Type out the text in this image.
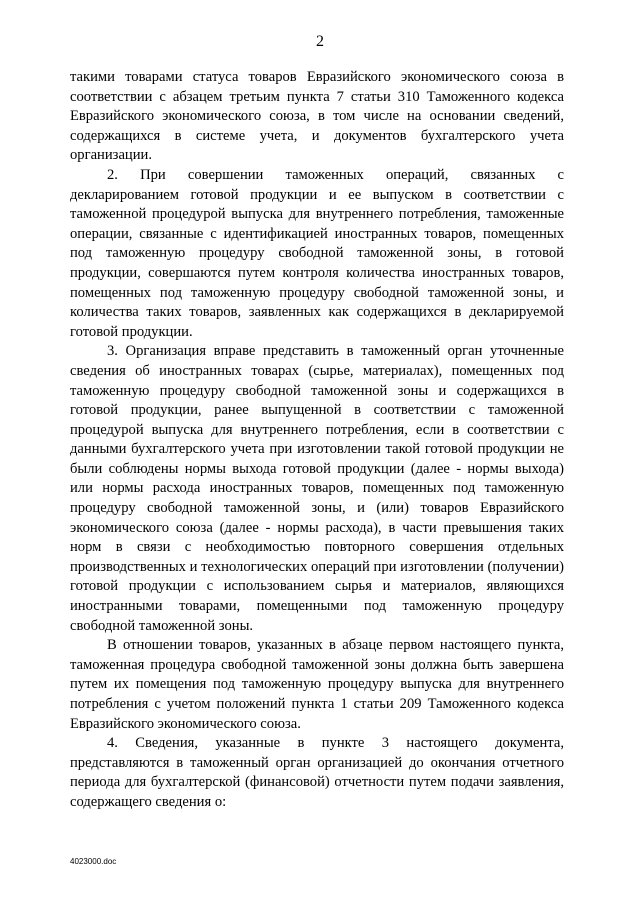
2

такими товарами статуса товаров Евразийского экономического союза в соответствии с абзацем третьим пункта 7 статьи 310 Таможенного кодекса Евразийского экономического союза, в том числе на основании сведений, содержащихся в системе учета, и документов бухгалтерского учета организации.

2. При совершении таможенных операций, связанных с декларированием готовой продукции и ее выпуском в соответствии с таможенной процедурой выпуска для внутреннего потребления, таможенные операции, связанные с идентификацией иностранных товаров, помещенных под таможенную процедуру свободной таможенной зоны, в готовой продукции, совершаются путем контроля количества иностранных товаров, помещенных под таможенную процедуру свободной таможенной зоны, и количества таких товаров, заявленных как содержащихся в декларируемой готовой продукции.

3. Организация вправе представить в таможенный орган уточненные сведения об иностранных товарах (сырье, материалах), помещенных под таможенную процедуру свободной таможенной зоны и содержащихся в готовой продукции, ранее выпущенной в соответствии с таможенной процедурой выпуска для внутреннего потребления, если в соответствии с данными бухгалтерского учета при изготовлении такой готовой продукции не были соблюдены нормы выхода готовой продукции (далее - нормы выхода) или нормы расхода иностранных товаров, помещенных под таможенную процедуру свободной таможенной зоны, и (или) товаров Евразийского экономического союза (далее - нормы расхода), в части превышения таких норм в связи с необходимостью повторного совершения отдельных производственных и технологических операций при изготовлении (получении) готовой продукции с использованием сырья и материалов, являющихся иностранными товарами, помещенными под таможенную процедуру свободной таможенной зоны.

В отношении товаров, указанных в абзаце первом настоящего пункта, таможенная процедура свободной таможенной зоны должна быть завершена путем их помещения под таможенную процедуру выпуска для внутреннего потребления с учетом положений пункта 1 статьи 209 Таможенного кодекса Евразийского экономического союза.

4. Сведения, указанные в пункте 3 настоящего документа, представляются в таможенный орган организацией до окончания отчетного периода для бухгалтерской (финансовой) отчетности путем подачи заявления, содержащего сведения о:

4023000.doc
